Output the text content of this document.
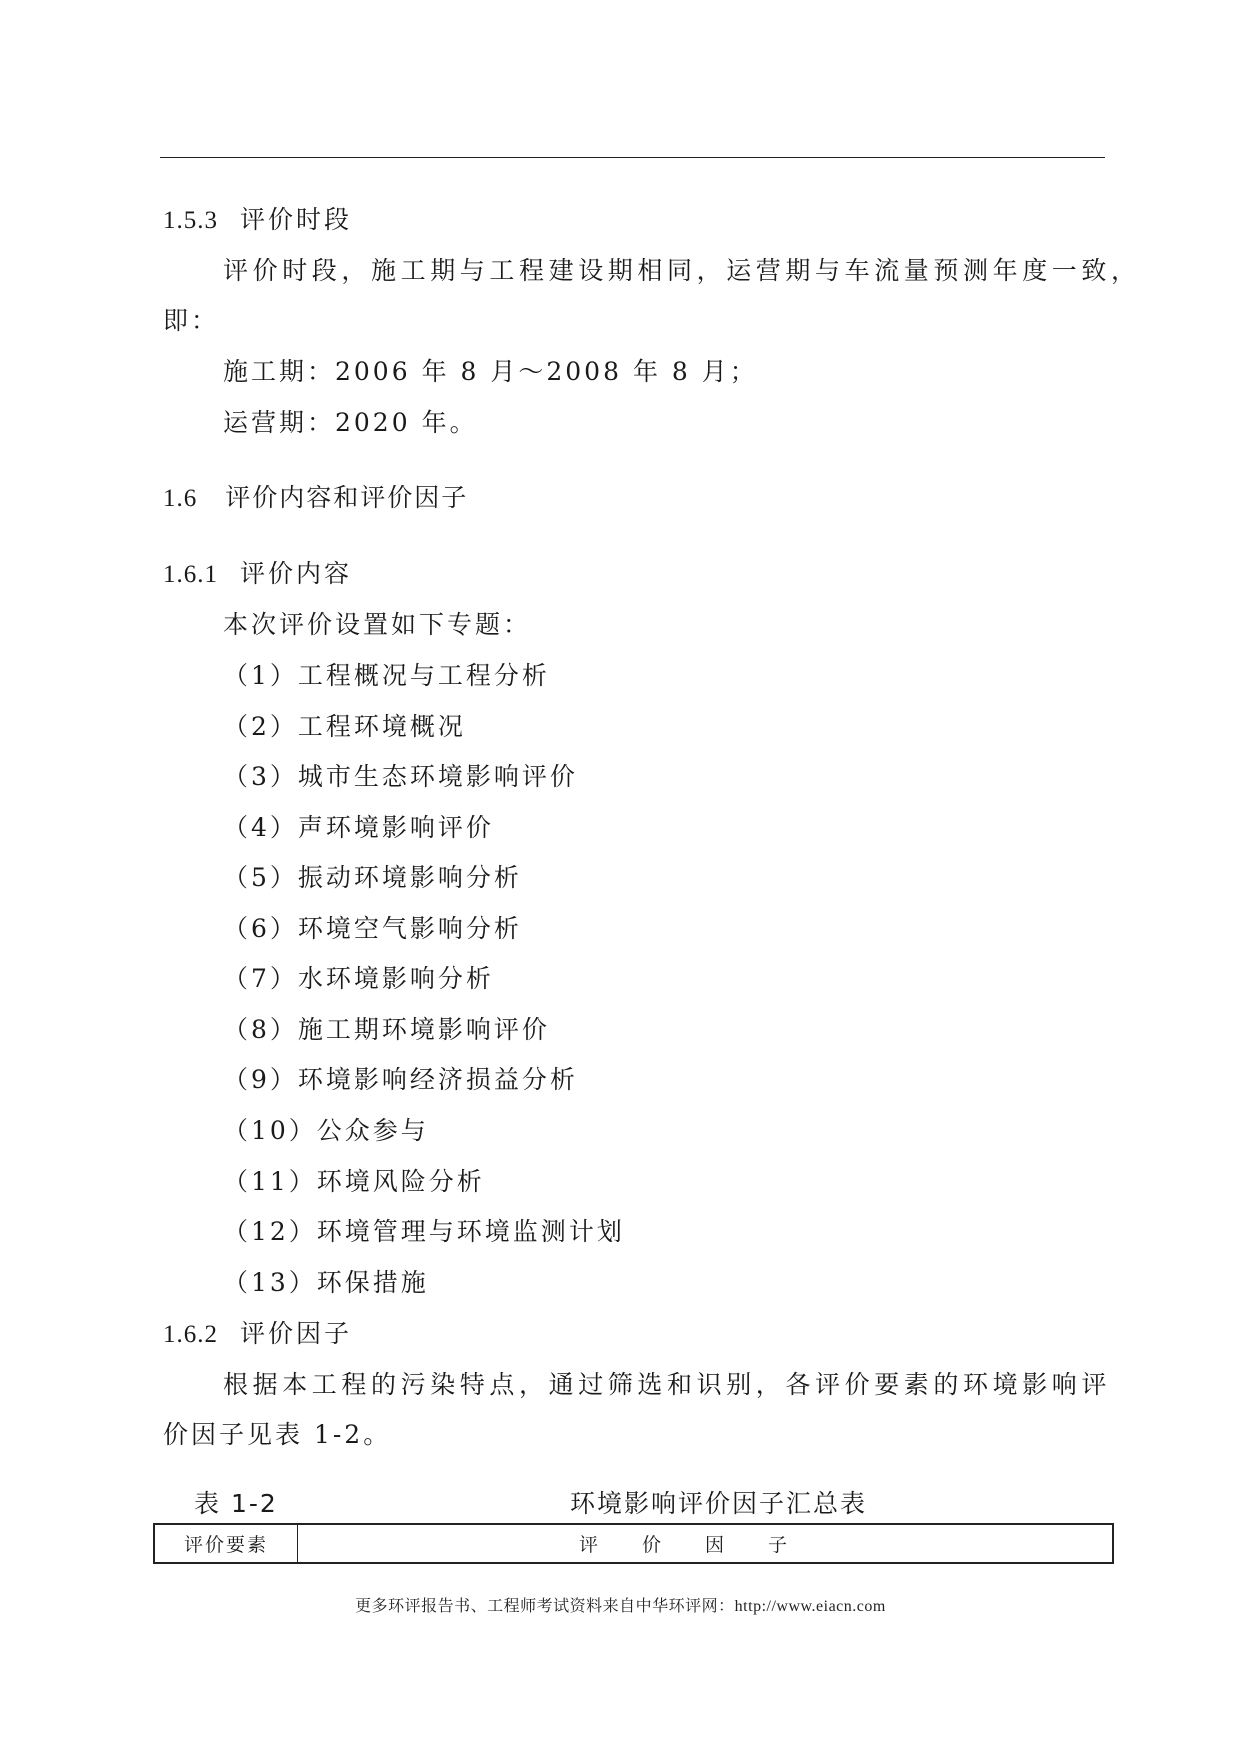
1.5.3 评价时段
评价时段，施工期与工程建设期相同，运营期与车流量预测年度一致，
即：
施工期：2006 年 8 月～2008 年 8 月；
运营期：2020 年。
1.6 评价内容和评价因子
1.6.1 评价内容
本次评价设置如下专题：
（1）工程概况与工程分析
（2）工程环境概况
（3）城市生态环境影响评价
（4）声环境影响评价
（5）振动环境影响分析
（6）环境空气影响分析
（7）水环境影响分析
（8）施工期环境影响评价
（9）环境影响经济损益分析
（10）公众参与
（11）环境风险分析
（12）环境管理与环境监测计划
（13）环保措施
1.6.2 评价因子
根据本工程的污染特点，通过筛选和识别，各评价要素的环境影响评
价因子见表 1-2。
表 1-2	环境影响评价因子汇总表
评价要素	评价因子
更多环评报告书、工程师考试资料来自中华环评网：http://www.eiacn.com
